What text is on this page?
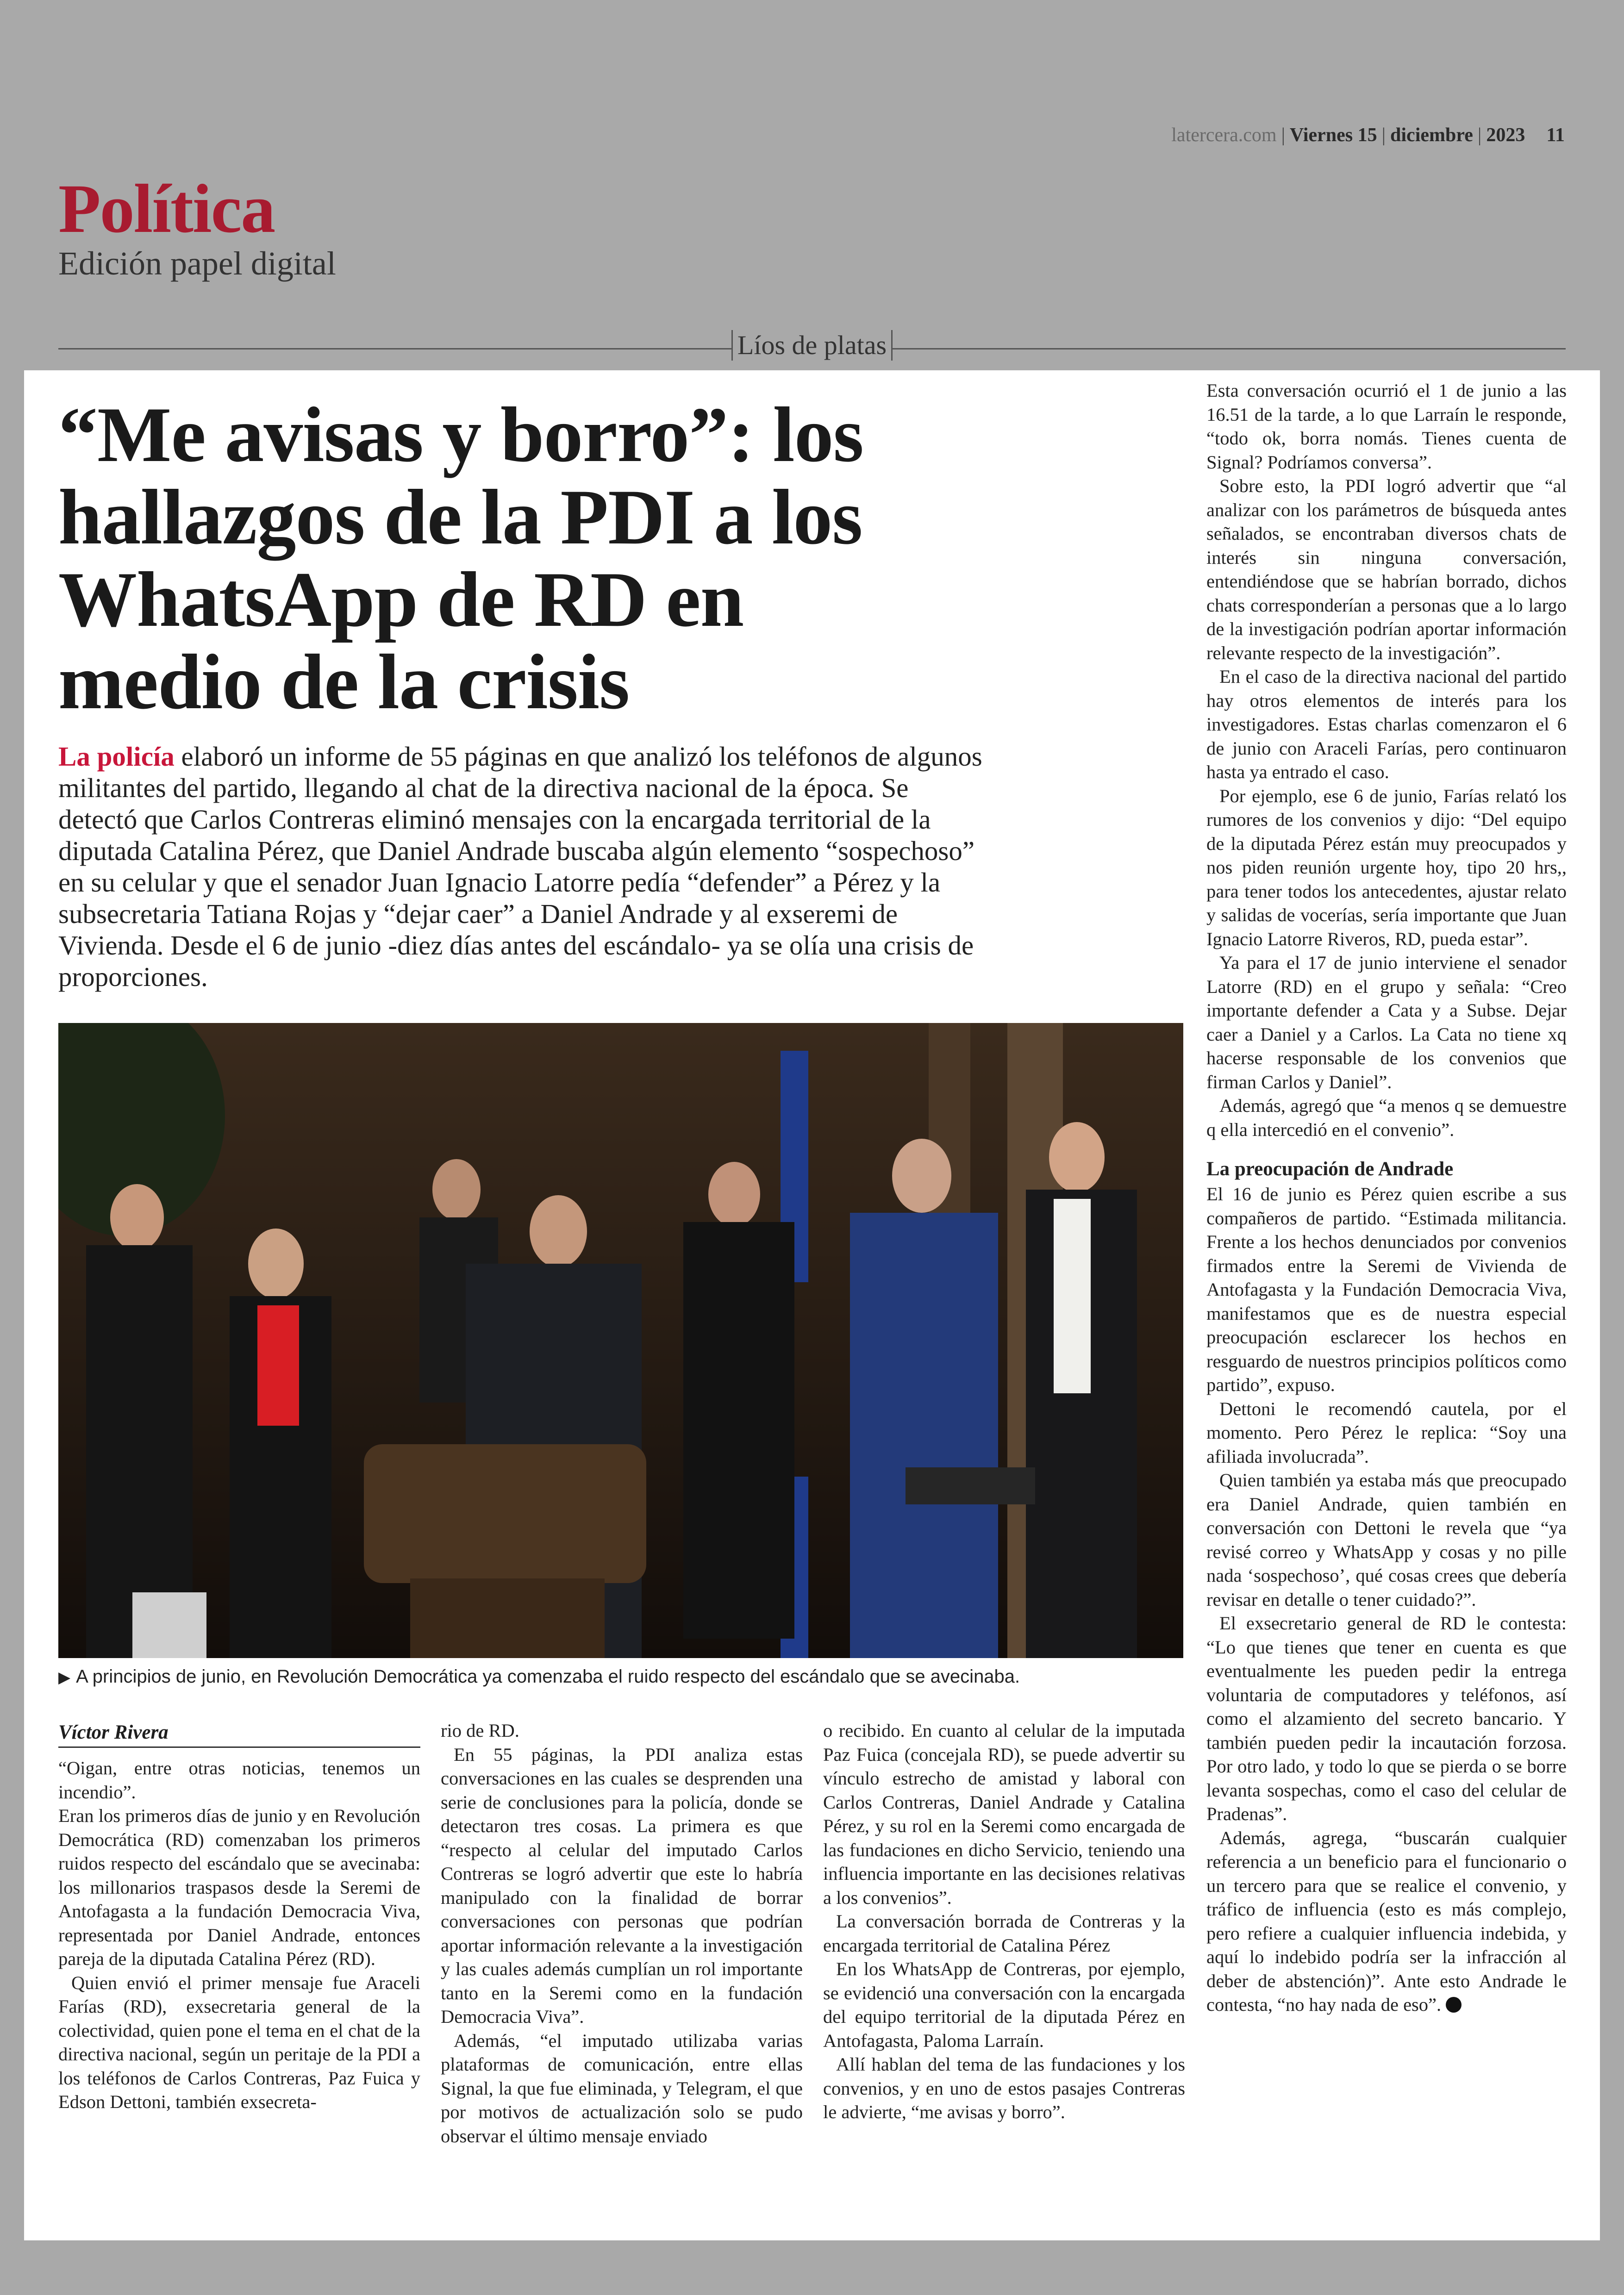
latercera.com | Viernes 15 | diciembre | 2023 11
Política
Edición papel digital
Líos de platas
“Me avisas y borro”: los hallazgos de la PDI a los WhatsApp de RD en medio de la crisis
La policía elaboró un informe de 55 páginas en que analizó los teléfonos de algunos militantes del partido, llegando al chat de la directiva nacional de la época. Se detectó que Carlos Contreras eliminó mensajes con la encargada territorial de la diputada Catalina Pérez, que Daniel Andrade buscaba algún elemento “sospechoso” en su celular y que el senador Juan Ignacio Latorre pedía “defender” a Pérez y la subsecretaria Tatiana Rojas y “dejar caer” a Daniel Andrade y al exseremi de Vivienda. Desde el 6 de junio -diez días antes del escándalo- ya se olía una crisis de proporciones.
▶ A principios de junio, en Revolución Democrática ya comenzaba el ruido respecto del escándalo que se avecinaba.
Víctor Rivera

“Oigan, entre otras noticias, tenemos un incendio”.

Eran los primeros días de junio y en Revolución Democrática (RD) comenzaban los primeros ruidos respecto del escándalo que se avecinaba: los millonarios traspasos desde la Seremi de Antofagasta a la fundación Democracia Viva, representada por Daniel Andrade, entonces pareja de la diputada Catalina Pérez (RD).

Quien envió el primer mensaje fue Araceli Farías (RD), exsecretaria general de la colectividad, quien pone el tema en el chat de la directiva nacional, según un peritaje de la PDI a los teléfonos de Carlos Contreras, Paz Fuica y Edson Dettoni, también exsecreta-

rio de RD.

En 55 páginas, la PDI analiza estas conversaciones en las cuales se desprenden una serie de conclusiones para la policía, donde se detectaron tres cosas. La primera es que “respecto al celular del imputado Carlos Contreras se logró advertir que este lo habría manipulado con la finalidad de borrar conversaciones con personas que podrían aportar información relevante a la investigación y las cuales además cumplían un rol importante tanto en la Seremi como en la fundación Democracia Viva”.

Además, “el imputado utilizaba varias plataformas de comunicación, entre ellas Signal, la que fue eliminada, y Telegram, el que por motivos de actualización solo se pudo observar el último mensaje enviado

o recibido. En cuanto al celular de la imputada Paz Fuica (concejala RD), se puede advertir su vínculo estrecho de amistad y laboral con Carlos Contreras, Daniel Andrade y Catalina Pérez, y su rol en la Seremi como encargada de las fundaciones en dicho Servicio, teniendo una influencia importante en las decisiones relativas a los convenios”.

La conversación borrada de Contreras y la encargada territorial de Catalina Pérez

En los WhatsApp de Contreras, por ejemplo, se evidenció una conversación con la encargada del equipo territorial de la diputada Pérez en Antofagasta, Paloma Larraín.

Allí hablan del tema de las fundaciones y los convenios, y en uno de estos pasajes Contreras le advierte, “me avisas y borro”.

Esta conversación ocurrió el 1 de junio a las 16.51 de la tarde, a lo que Larraín le responde, “todo ok, borra nomás. Tienes cuenta de Signal? Podríamos conversa”.

Sobre esto, la PDI logró advertir que “al analizar con los parámetros de búsqueda antes señalados, se encontraban diversos chats de interés sin ninguna conversación, entendiéndose que se habrían borrado, dichos chats corresponderían a personas que a lo largo de la investigación podrían aportar información relevante respecto de la investigación”.

En el caso de la directiva nacional del partido hay otros elementos de interés para los investigadores. Estas charlas comenzaron el 6 de junio con Araceli Farías, pero continuaron hasta ya entrado el caso.

Por ejemplo, ese 6 de junio, Farías relató los rumores de los convenios y dijo: “Del equipo de la diputada Pérez están muy preocupados y nos piden reunión urgente hoy, tipo 20 hrs,, para tener todos los antecedentes, ajustar relato y salidas de vocerías, sería importante que Juan Ignacio Latorre Riveros, RD, pueda estar”.

Ya para el 17 de junio interviene el senador Latorre (RD) en el grupo y señala: “Creo importante defender a Cata y a Subse. Dejar caer a Daniel y a Carlos. La Cata no tiene xq hacerse responsable de los convenios que firman Carlos y Daniel”.

Además, agregó que “a menos q se demuestre q ella intercedió en el convenio”.

La preocupación de Andrade

El 16 de junio es Pérez quien escribe a sus compañeros de partido. “Estimada militancia. Frente a los hechos denunciados por convenios firmados entre la Seremi de Vivienda de Antofagasta y la Fundación Democracia Viva, manifestamos que es de nuestra especial preocupación esclarecer los hechos en resguardo de nuestros principios políticos como partido”, expuso.

Dettoni le recomendó cautela, por el momento. Pero Pérez le replica: “Soy una afiliada involucrada”.

Quien también ya estaba más que preocupado era Daniel Andrade, quien también en conversación con Dettoni le revela que “ya revisé correo y WhatsApp y cosas y no pille nada ‘sospechoso’, qué cosas crees que debería revisar en detalle o tener cuidado?”.

El exsecretario general de RD le contesta: “Lo que tienes que tener en cuenta es que eventualmente les pueden pedir la entrega voluntaria de computadores y teléfonos, así como el alzamiento del secreto bancario. Y también pueden pedir la incautación forzosa. Por otro lado, y todo lo que se pierda o se borre levanta sospechas, como el caso del celular de Pradenas”.

Además, agrega, “buscarán cualquier referencia a un beneficio para el funcionario o un tercero para que se realice el convenio, y tráfico de influencia (esto es más complejo, pero refiere a cualquier influencia indebida, y aquí lo indebido podría ser la infracción al deber de abstención)”. Ante esto Andrade le contesta, “no hay nada de eso”.
